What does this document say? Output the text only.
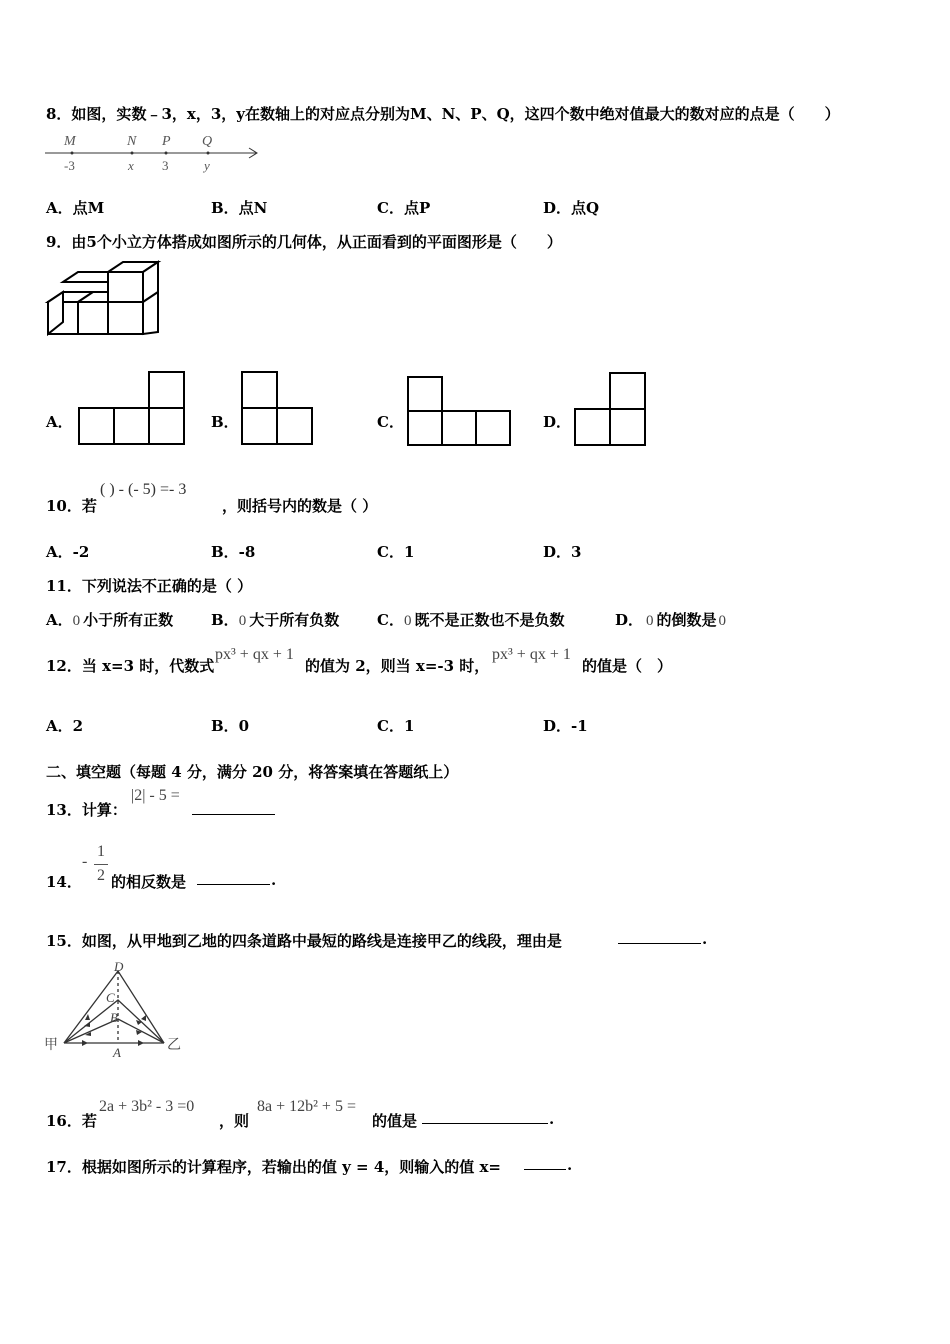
8．如图，实数﹣3，x，3，y在数轴上的对应点分别为M、N、P、Q，这四个数中绝对值最大的数对应的点是（　　）
M	N P Q
-3	x 3	y
A．点M	B．点N	C．点P	D．点Q
9．由5个小立方体搭成如图所示的几何体，从正面看到的平面图形是（　　）
A．	B．	C．	D．
10．若
( ) - (- 5) =- 3
，则括号内的数是（ ）
A．-2	B．-8	C．1	D．3
11．下列说法不正确的是（ ）
A．0 小于所有正数	B．0 大于所有负数	C．0 既不是正数也不是负数	D． 0 的倒数是 0
12．当 x=3 时，代数式
px³ + qx + 1
的值为 2，则当 x=-3 时，
px³ + qx + 1
的值是（　）
A．2	B．0	C．1	D．-1
二、填空题（每题 4 分，满分 20 分，将答案填在答题纸上）
13．计算：
|2| - 5 =
14．
-
1
2 的相反数是	.
15．如图，从甲地到乙地的四条道路中最短的路线是连接甲乙的线段，理由是	.
D
C
B
A
甲	乙
16．若
2a + 3b² - 3 =0
，则
8a + 12b² + 5 =
的值是	.
17．根据如图所示的计算程序，若输出的值 y = 4，则输入的值 x=	.
